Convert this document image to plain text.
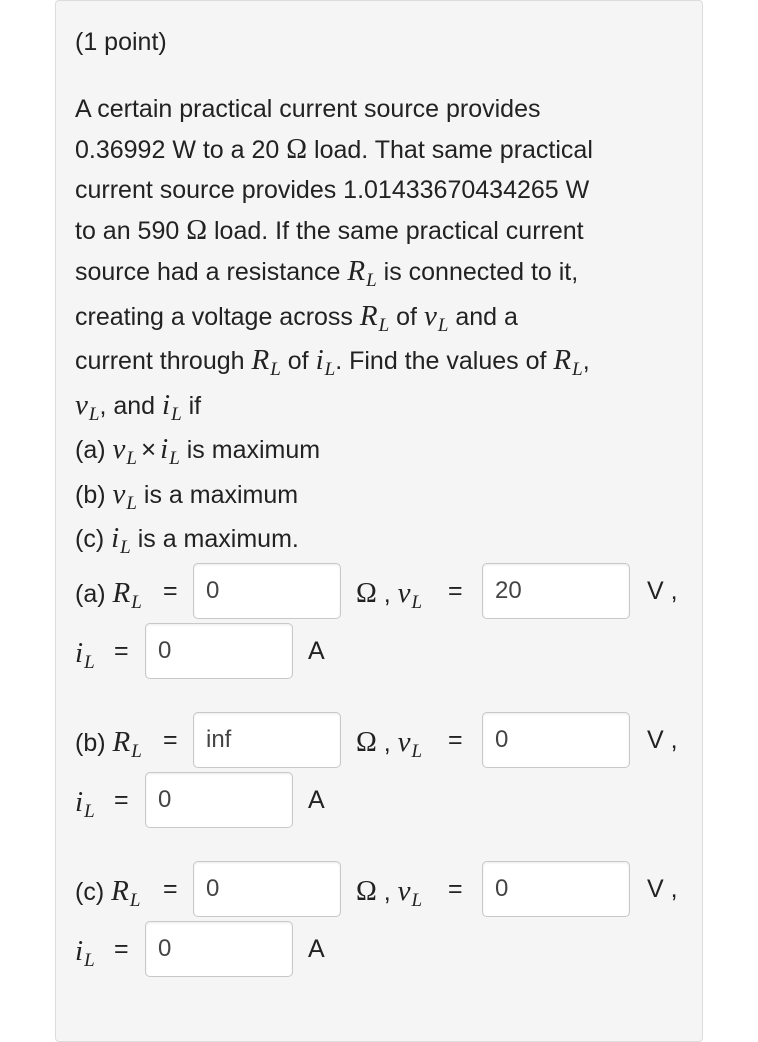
(1 point)

A certain practical current source provides

0.36992 W to a 20 Ω load. That same practical

current source provides 1.01433670434265 W

to an 590 Ω load. If the same practical current

source had a resistance $R_L$ is connected to it,

creating a voltage across $R_L$ of $v_L$ and a

current through $R_L$ of $i_L$. Find the values of $R_L$,

$v_L$, and $i_L$ if

(a) $v_L \times i_L$ is maximum

(b) $v_L$ is a maximum

(c) $i_L$ is a maximum.

(a) $R_L$ =	0	Ω , $v_L$ =	20	V ,
$i_L$ =	0	A
(b) $R_L$ =	inf	Ω , $v_L$ =	0	V ,
$i_L$ =	0	A
(c) $R_L$ =	0	Ω , $v_L$ =	0	V ,
$i_L$ =	0	A
